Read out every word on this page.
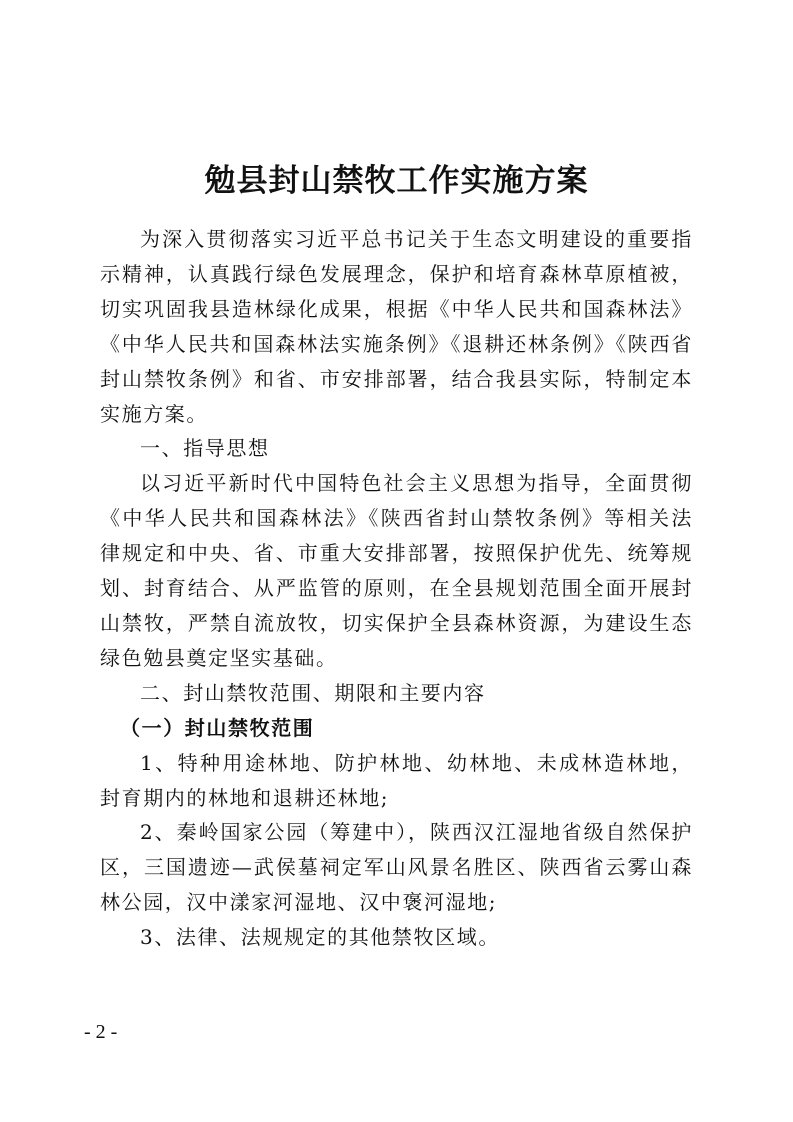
勉县封山禁牧工作实施方案

为深入贯彻落实习近平总书记关于生态文明建设的重要指示精神，认真践行绿色发展理念，保护和培育森林草原植被，切实巩固我县造林绿化成果，根据《中华人民共和国森林法》《中华人民共和国森林法实施条例》《退耕还林条例》《陕西省封山禁牧条例》和省、市安排部署，结合我县实际，特制定本实施方案。

一、指导思想

以习近平新时代中国特色社会主义思想为指导，全面贯彻《中华人民共和国森林法》《陕西省封山禁牧条例》等相关法律规定和中央、省、市重大安排部署，按照保护优先、统筹规划、封育结合、从严监管的原则，在全县规划范围全面开展封山禁牧，严禁自流放牧，切实保护全县森林资源，为建设生态绿色勉县奠定坚实基础。

二、封山禁牧范围、期限和主要内容

（一）封山禁牧范围

1、特种用途林地、防护林地、幼林地、未成林造林地，封育期内的林地和退耕还林地;

2、秦岭国家公园（筹建中），陕西汉江湿地省级自然保护区，三国遗迹—武侯墓祠定军山风景名胜区、陕西省云雾山森林公园，汉中漾家河湿地、汉中褒河湿地;

3、法律、法规规定的其他禁牧区域。

- 2 -
